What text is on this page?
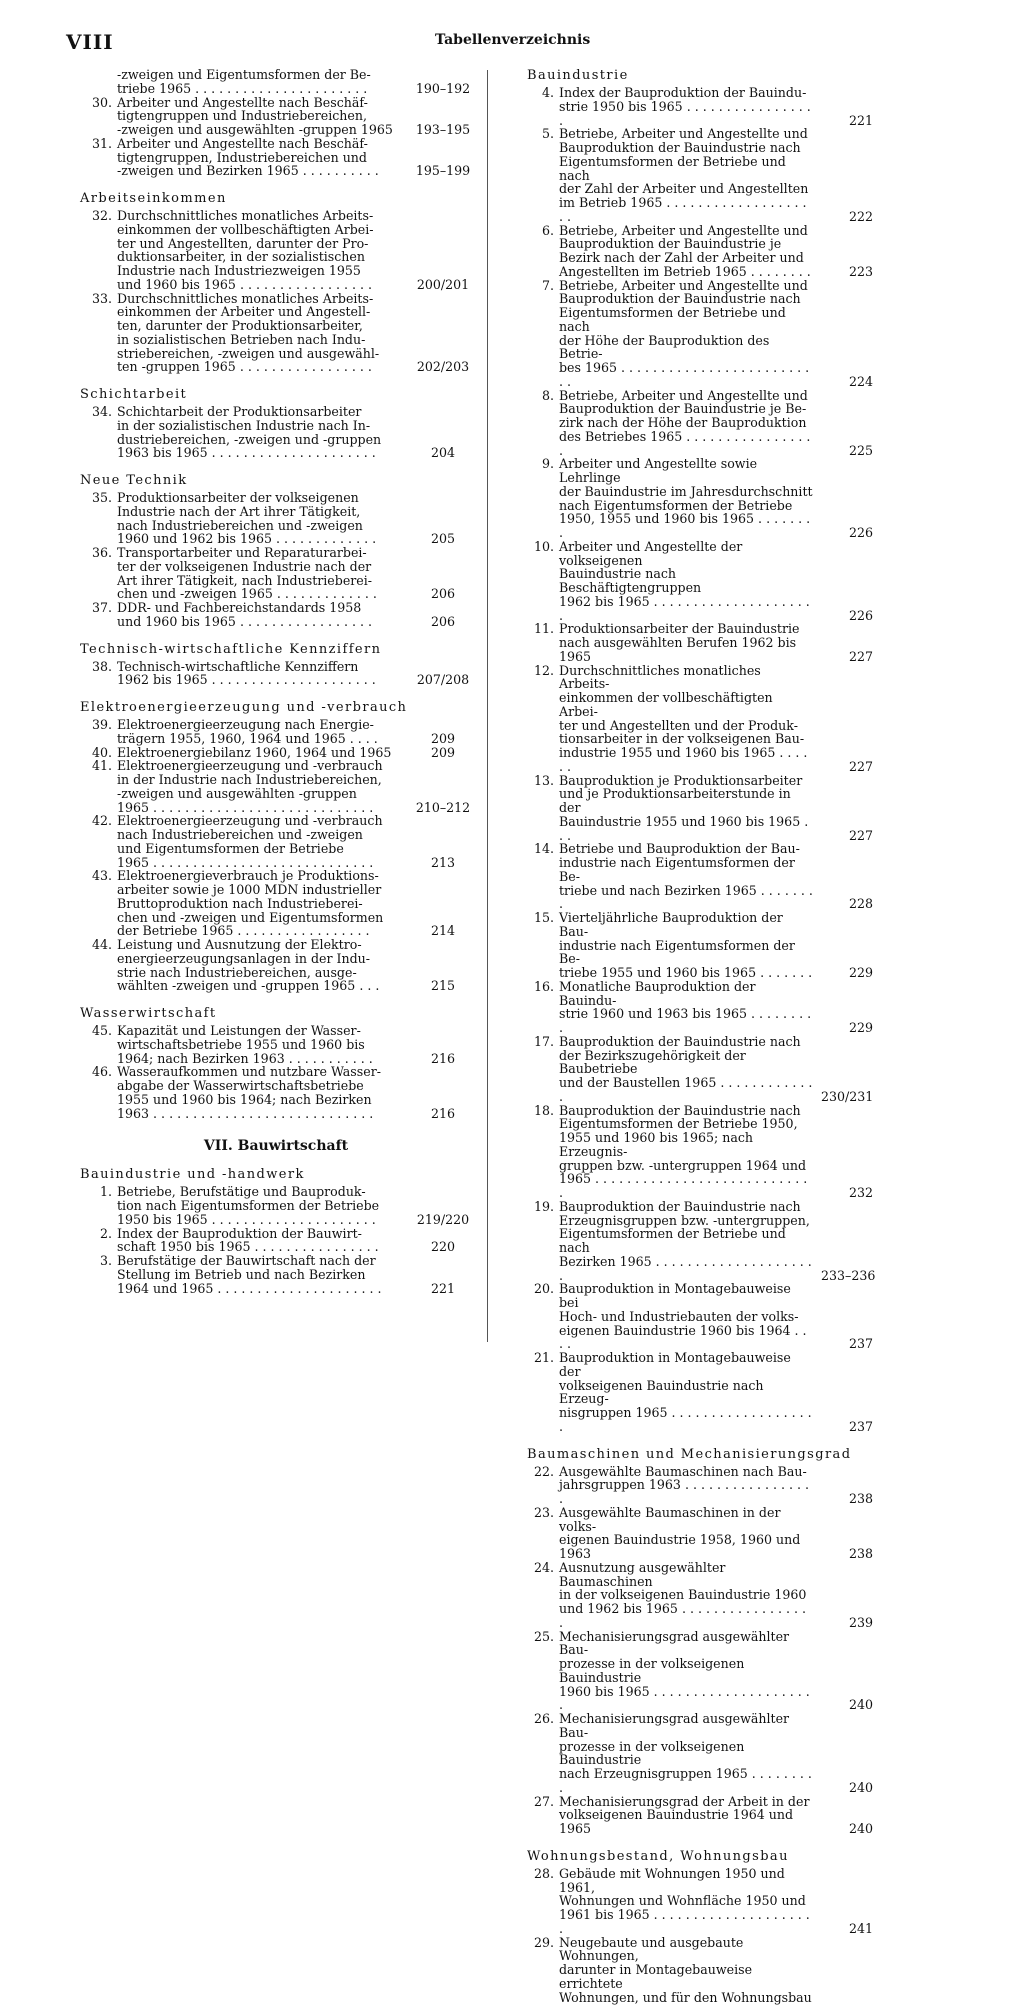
VIII	Tabellenverzeichnis
-zweigen und Eigentumsformen der Be-
triebe 1965 . . . . . . . . . . . . . . . . . . . . . .	190–192
30. Arbeiter und Angestellte nach Beschäf-
tigtengruppen und Industriebereichen,
-zweigen und ausgewählten -gruppen 1965	193–195
31. Arbeiter und Angestellte nach Beschäf-
tigtengruppen, Industriebereichen und
-zweigen und Bezirken 1965 . . . . . . . . . .	195–199
Arbeitseinkommen
32. Durchschnittliches monatliches Arbeits-
einkommen der vollbeschäftigten Arbei-
ter und Angestellten, darunter der Pro-
duktionsarbeiter, in der sozialistischen
Industrie nach Industriezweigen 1955
und 1960 bis 1965 . . . . . . . . . . . . . . . . .	200/201
33. Durchschnittliches monatliches Arbeits-
einkommen der Arbeiter und Angestell-
ten, darunter der Produktionsarbeiter,
in sozialistischen Betrieben nach Indu-
striebereichen, -zweigen und ausgewähl-
ten -gruppen 1965 . . . . . . . . . . . . . . . . .	202/203
Schichtarbeit
34. Schichtarbeit der Produktionsarbeiter
in der sozialistischen Industrie nach In-
dustriebereichen, -zweigen und -gruppen
1963 bis 1965 . . . . . . . . . . . . . . . . . . . . .	204
Neue Technik
35. Produktionsarbeiter der volkseigenen
Industrie nach der Art ihrer Tätigkeit,
nach Industriebereichen und -zweigen
1960 und 1962 bis 1965 . . . . . . . . . . . . .	205
36. Transportarbeiter und Reparaturarbei-
ter der volkseigenen Industrie nach der
Art ihrer Tätigkeit, nach Industrieberei-
chen und -zweigen 1965 . . . . . . . . . . . . .	206
37. DDR- und Fachbereichstandards 1958
und 1960 bis 1965 . . . . . . . . . . . . . . . . .	206
Technisch-wirtschaftliche Kennziffern
38. Technisch-wirtschaftliche Kennziffern
1962 bis 1965 . . . . . . . . . . . . . . . . . . . . .	207/208
Elektroenergieerzeugung und -verbrauch
39. Elektroenergieerzeugung nach Energie-
trägern 1955, 1960, 1964 und 1965 . . . .	209
40. Elektroenergiebilanz 1960, 1964 und 1965	209
41. Elektroenergieerzeugung und -verbrauch
in der Industrie nach Industriebereichen,
-zweigen und ausgewählten -gruppen
1965 . . . . . . . . . . . . . . . . . . . . . . . . . . . .	210–212
42. Elektroenergieerzeugung und -verbrauch
nach Industriebereichen und -zweigen
und Eigentumsformen der Betriebe
1965 . . . . . . . . . . . . . . . . . . . . . . . . . . . .	213
43. Elektroenergieverbrauch je Produktions-
arbeiter sowie je 1000 MDN industrieller
Bruttoproduktion nach Industrieberei-
chen und -zweigen und Eigentumsformen
der Betriebe 1965 . . . . . . . . . . . . . . . . .	214
44. Leistung und Ausnutzung der Elektro-
energieerzeugungsanlagen in der Indu-
strie nach Industriebereichen, ausge-
wählten -zweigen und -gruppen 1965 . . .	215
Wasserwirtschaft
45. Kapazität und Leistungen der Wasser-
wirtschaftsbetriebe 1955 und 1960 bis
1964; nach Bezirken 1963 . . . . . . . . . . .	216
46. Wasseraufkommen und nutzbare Wasser-
abgabe der Wasserwirtschaftsbetriebe
1955 und 1960 bis 1964; nach Bezirken
1963 . . . . . . . . . . . . . . . . . . . . . . . . . . . .	216
VII. Bauwirtschaft
Bauindustrie und -handwerk
1. Betriebe, Berufstätige und Bauproduk-
tion nach Eigentumsformen der Betriebe
1950 bis 1965 . . . . . . . . . . . . . . . . . . . . .	219/220
2. Index der Bauproduktion der Bauwirt-
schaft 1950 bis 1965 . . . . . . . . . . . . . . . .	220
3. Berufstätige der Bauwirtschaft nach der
Stellung im Betrieb und nach Bezirken
1964 und 1965 . . . . . . . . . . . . . . . . . . . . .	221
Bauindustrie
4. Index der Bauproduktion der Bauindu-
strie 1950 bis 1965 . . . . . . . . . . . . . . . . .	221
5. Betriebe, Arbeiter und Angestellte und
Bauproduktion der Bauindustrie nach
Eigentumsformen der Betriebe und nach
der Zahl der Arbeiter und Angestellten
im Betrieb 1965 . . . . . . . . . . . . . . . . . . . .	222
6. Betriebe, Arbeiter und Angestellte und
Bauproduktion der Bauindustrie je
Bezirk nach der Zahl der Arbeiter und
Angestellten im Betrieb 1965 . . . . . . . .	223
7. Betriebe, Arbeiter und Angestellte und
Bauproduktion der Bauindustrie nach
Eigentumsformen der Betriebe und nach
der Höhe der Bauproduktion des Betrie-
bes 1965 . . . . . . . . . . . . . . . . . . . . . . . . . .	224
8. Betriebe, Arbeiter und Angestellte und
Bauproduktion der Bauindustrie je Be-
zirk nach der Höhe der Bauproduktion
des Betriebes 1965 . . . . . . . . . . . . . . . . .	225
9. Arbeiter und Angestellte sowie Lehrlinge
der Bauindustrie im Jahresdurchschnitt
nach Eigentumsformen der Betriebe
1950, 1955 und 1960 bis 1965 . . . . . . . .	226
10. Arbeiter und Angestellte der volkseigenen
Bauindustrie nach Beschäftigtengruppen
1962 bis 1965 . . . . . . . . . . . . . . . . . . . . .	226
11. Produktionsarbeiter der Bauindustrie
nach ausgewählten Berufen 1962 bis 1965	227
12. Durchschnittliches monatliches Arbeits-
einkommen der vollbeschäftigten Arbei-
ter und Angestellten und der Produk-
tionsarbeiter in der volkseigenen Bau-
industrie 1955 und 1960 bis 1965 . . . . . .	227
13. Bauproduktion je Produktionsarbeiter
und je Produktionsarbeiterstunde in der
Bauindustrie 1955 und 1960 bis 1965 . . .	227
14. Betriebe und Bauproduktion der Bau-
industrie nach Eigentumsformen der Be-
triebe und nach Bezirken 1965 . . . . . . . .	228
15. Vierteljährliche Bauproduktion der Bau-
industrie nach Eigentumsformen der Be-
triebe 1955 und 1960 bis 1965 . . . . . . .	229
16. Monatliche Bauproduktion der Bauindu-
strie 1960 und 1963 bis 1965 . . . . . . . . .	229
17. Bauproduktion der Bauindustrie nach
der Bezirkszugehörigkeit der Baubetriebe
und der Baustellen 1965 . . . . . . . . . . . . .	230/231
18. Bauproduktion der Bauindustrie nach
Eigentumsformen der Betriebe 1950,
1955 und 1960 bis 1965; nach Erzeugnis-
gruppen bzw. -untergruppen 1964 und
1965 . . . . . . . . . . . . . . . . . . . . . . . . . . . .	232
19. Bauproduktion der Bauindustrie nach
Erzeugnisgruppen bzw. -untergruppen,
Eigentumsformen der Betriebe und nach
Bezirken 1965 . . . . . . . . . . . . . . . . . . . . .	233–236
20. Bauproduktion in Montagebauweise bei
Hoch- und Industriebauten der volks-
eigenen Bauindustrie 1960 bis 1964 . . . .	237
21. Bauproduktion in Montagebauweise der
volkseigenen Bauindustrie nach Erzeug-
nisgruppen 1965 . . . . . . . . . . . . . . . . . . .	237
Baumaschinen und Mechanisierungsgrad
22. Ausgewählte Baumaschinen nach Bau-
jahrsgruppen 1963 . . . . . . . . . . . . . . . . .	238
23. Ausgewählte Baumaschinen in der volks-
eigenen Bauindustrie 1958, 1960 und 1963	238
24. Ausnutzung ausgewählter Baumaschinen
in der volkseigenen Bauindustrie 1960
und 1962 bis 1965 . . . . . . . . . . . . . . . . .	239
25. Mechanisierungsgrad ausgewählter Bau-
prozesse in der volkseigenen Bauindustrie
1960 bis 1965 . . . . . . . . . . . . . . . . . . . . .	240
26. Mechanisierungsgrad ausgewählter Bau-
prozesse in der volkseigenen Bauindustrie
nach Erzeugnisgruppen 1965 . . . . . . . . .	240
27. Mechanisierungsgrad der Arbeit in der
volkseigenen Bauindustrie 1964 und 1965	240
Wohnungsbestand, Wohnungsbau
28. Gebäude mit Wohnungen 1950 und 1961,
Wohnungen und Wohnfläche 1950 und
1961 bis 1965 . . . . . . . . . . . . . . . . . . . . .	241
29. Neugebaute und ausgebaute Wohnungen,
darunter in Montagebauweise errichtete
Wohnungen, und für den Wohnungsbau
